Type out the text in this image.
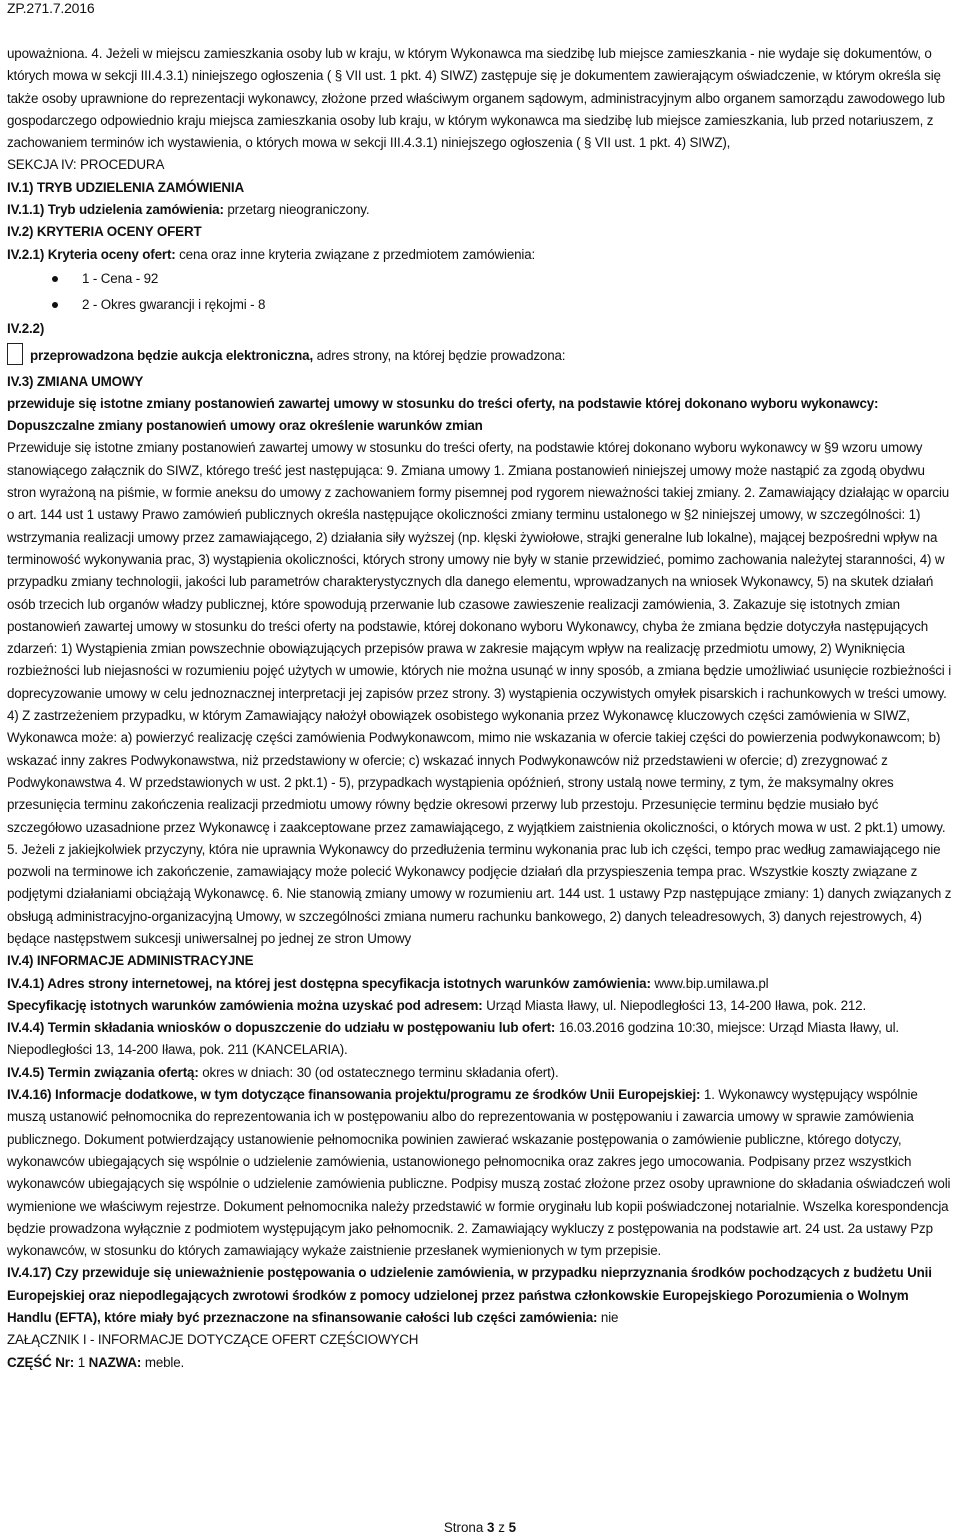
ZP.271.7.2016

upoważniona. 4. Jeżeli w miejscu zamieszkania osoby lub w kraju, w którym Wykonawca ma siedzibę lub miejsce zamieszkania - nie wydaje się dokumentów, o których mowa w sekcji III.4.3.1) niniejszego ogłoszenia ( § VII ust. 1 pkt. 4) SIWZ) zastępuje się je dokumentem zawierającym oświadczenie, w którym określa się także osoby uprawnione do reprezentacji wykonawcy, złożone przed właściwym organem sądowym, administracyjnym albo organem samorządu zawodowego lub gospodarczego odpowiednio kraju miejsca zamieszkania osoby lub kraju, w którym wykonawca ma siedzibę lub miejsce zamieszkania, lub przed notariuszem, z zachowaniem terminów ich wystawienia, o których mowa w sekcji III.4.3.1) niniejszego ogłoszenia ( § VII ust. 1 pkt. 4) SIWZ),

SEKCJA IV: PROCEDURA

IV.1) TRYB UDZIELENIA ZAMÓWIENIA

IV.1.1) Tryb udzielenia zamówienia: przetarg nieograniczony.

IV.2) KRYTERIA OCENY OFERT

IV.2.1) Kryteria oceny ofert: cena oraz inne kryteria związane z przedmiotem zamówienia:

1 - Cena - 92
2 - Okres gwarancji i rękojmi - 8

IV.2.2)

przeprowadzona będzie aukcja elektroniczna, adres strony, na której będzie prowadzona:

IV.3) ZMIANA UMOWY

przewiduje się istotne zmiany postanowień zawartej umowy w stosunku do treści oferty, na podstawie której dokonano wyboru wykonawcy:

Dopuszczalne zmiany postanowień umowy oraz określenie warunków zmian

Przewiduje się istotne zmiany postanowień zawartej umowy w stosunku do treści oferty, na podstawie której dokonano wyboru wykonawcy w §9 wzoru umowy stanowiącego załącznik do SIWZ, którego treść jest następująca: 9. Zmiana umowy 1. Zmiana postanowień niniejszej umowy może nastąpić za zgodą obydwu stron wyrażoną na piśmie, w formie aneksu do umowy z zachowaniem formy pisemnej pod rygorem nieważności takiej zmiany. 2. Zamawiający działając w oparciu o art. 144 ust 1 ustawy Prawo zamówień publicznych określa następujące okoliczności zmiany terminu ustalonego w §2 niniejszej umowy, w szczególności: 1) wstrzymania realizacji umowy przez zamawiającego, 2) działania siły wyższej (np. klęski żywiołowe, strajki generalne lub lokalne), mającej bezpośredni wpływ na terminowość wykonywania prac, 3) wystąpienia okoliczności, których strony umowy nie były w stanie przewidzieć, pomimo zachowania należytej staranności, 4) w przypadku zmiany technologii, jakości lub parametrów charakterystycznych dla danego elementu, wprowadzanych na wniosek Wykonawcy, 5) na skutek działań osób trzecich lub organów władzy publicznej, które spowodują przerwanie lub czasowe zawieszenie realizacji zamówienia, 3. Zakazuje się istotnych zmian postanowień zawartej umowy w stosunku do treści oferty na podstawie, której dokonano wyboru Wykonawcy, chyba że zmiana będzie dotyczyła następujących zdarzeń: 1) Wystąpienia zmian powszechnie obowiązujących przepisów prawa w zakresie mającym wpływ na realizację przedmiotu umowy, 2) Wyniknięcia rozbieżności lub niejasności w rozumieniu pojęć użytych w umowie, których nie można usunąć w inny sposób, a zmiana będzie umożliwiać usunięcie rozbieżności i doprecyzowanie umowy w celu jednoznacznej interpretacji jej zapisów przez strony. 3) wystąpienia oczywistych omyłek pisarskich i rachunkowych w treści umowy. 4) Z zastrzeżeniem przypadku, w którym Zamawiający nałożył obowiązek osobistego wykonania przez Wykonawcę kluczowych części zamówienia w SIWZ, Wykonawca może: a) powierzyć realizację części zamówienia Podwykonawcom, mimo nie wskazania w ofercie takiej części do powierzenia podwykonawcom; b) wskazać inny zakres Podwykonawstwa, niż przedstawiony w ofercie; c) wskazać innych Podwykonawców niż przedstawieni w ofercie; d) zrezygnować z Podwykonawstwa 4. W przedstawionych w ust. 2 pkt.1) - 5), przypadkach wystąpienia opóźnień, strony ustalą nowe terminy, z tym, że maksymalny okres przesunięcia terminu zakończenia realizacji przedmiotu umowy równy będzie okresowi przerwy lub przestoju. Przesunięcie terminu będzie musiało być szczegółowo uzasadnione przez Wykonawcę i zaakceptowane przez zamawiającego, z wyjątkiem zaistnienia okoliczności, o których mowa w ust. 2 pkt.1) umowy. 5. Jeżeli z jakiejkolwiek przyczyny, która nie uprawnia Wykonawcy do przedłużenia terminu wykonania prac lub ich części, tempo prac według zamawiającego nie pozwoli na terminowe ich zakończenie, zamawiający może polecić Wykonawcy podjęcie działań dla przyspieszenia tempa prac. Wszystkie koszty związane z podjętymi działaniami obciążają Wykonawcę. 6. Nie stanowią zmiany umowy w rozumieniu art. 144 ust. 1 ustawy Pzp następujące zmiany: 1) danych związanych z obsługą administracyjno-organizacyjną Umowy, w szczególności zmiana numeru rachunku bankowego, 2) danych teleadresowych, 3) danych rejestrowych, 4) będące następstwem sukcesji uniwersalnej po jednej ze stron Umowy

IV.4) INFORMACJE ADMINISTRACYJNE

IV.4.1) Adres strony internetowej, na której jest dostępna specyfikacja istotnych warunków zamówienia: www.bip.umilawa.pl

Specyfikację istotnych warunków zamówienia można uzyskać pod adresem: Urząd Miasta Iławy, ul. Niepodległości 13, 14-200 Iława, pok. 212.

IV.4.4) Termin składania wniosków o dopuszczenie do udziału w postępowaniu lub ofert: 16.03.2016 godzina 10:30, miejsce: Urząd Miasta Iławy, ul. Niepodległości 13, 14-200 Iława, pok. 211 (KANCELARIA).

IV.4.5) Termin związania ofertą: okres w dniach: 30 (od ostatecznego terminu składania ofert).

IV.4.16) Informacje dodatkowe, w tym dotyczące finansowania projektu/programu ze środków Unii Europejskiej: 1. Wykonawcy występujący wspólnie muszą ustanowić pełnomocnika do reprezentowania ich w postępowaniu albo do reprezentowania w postępowaniu i zawarcia umowy w sprawie zamówienia publicznego. Dokument potwierdzający ustanowienie pełnomocnika powinien zawierać wskazanie postępowania o zamówienie publiczne, którego dotyczy, wykonawców ubiegających się wspólnie o udzielenie zamówienia, ustanowionego pełnomocnika oraz zakres jego umocowania. Podpisany przez wszystkich wykonawców ubiegających się wspólnie o udzielenie zamówienia publiczne. Podpisy muszą zostać złożone przez osoby uprawnione do składania oświadczeń woli wymienione we właściwym rejestrze. Dokument pełnomocnika należy przedstawić w formie oryginału lub kopii poświadczonej notarialnie. Wszelka korespondencja będzie prowadzona wyłącznie z podmiotem występującym jako pełnomocnik. 2. Zamawiający wykluczy z postępowania na podstawie art. 24 ust. 2a ustawy Pzp wykonawców, w stosunku do których zamawiający wykaże zaistnienie przesłanek wymienionych w tym przepisie.

IV.4.17) Czy przewiduje się unieważnienie postępowania o udzielenie zamówienia, w przypadku nieprzyznania środków pochodzących z budżetu Unii Europejskiej oraz niepodlegających zwrotowi środków z pomocy udzielonej przez państwa członkowskie Europejskiego Porozumienia o Wolnym Handlu (EFTA), które miały być przeznaczone na sfinansowanie całości lub części zamówienia: nie

ZAŁĄCZNIK I - INFORMACJE DOTYCZĄCE OFERT CZĘŚCIOWYCH

CZĘŚĆ Nr: 1 NAZWA: meble.

Strona 3 z 5
